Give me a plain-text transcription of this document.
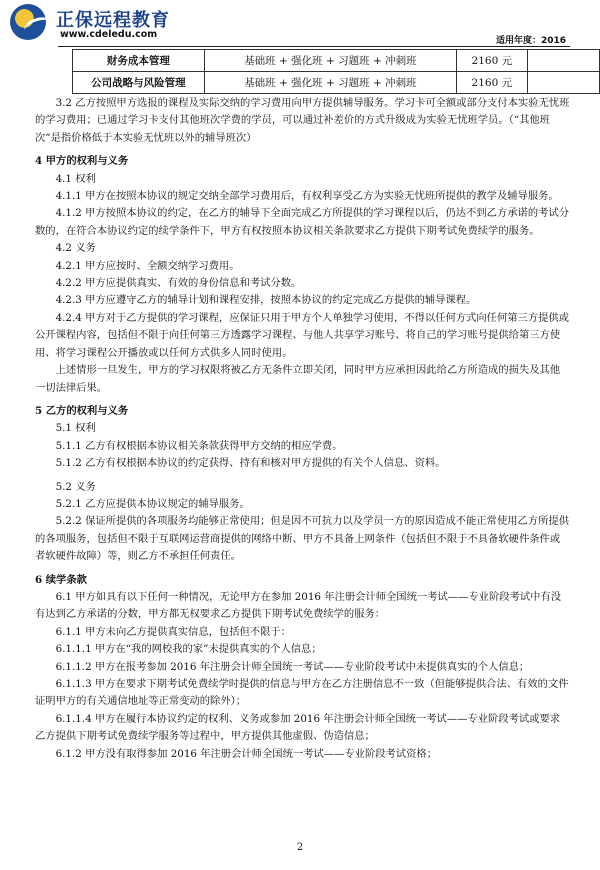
正保远程教育
www.cdeledu.com
适用年度：2016
财务成本管理	基础班 + 强化班 + 习题班 + 冲刺班	2160 元	
公司战略与风险管理	基础班 + 强化班 + 习题班 + 冲刺班	2160 元	

3.2 乙方按照甲方选报的课程及实际交纳的学习费用向甲方提供辅导服务。学习卡可全额或部分支付本实验无忧班的学习费用；已通过学习卡支付其他班次学费的学员，可以通过补差价的方式升级成为实验无忧班学员。（“其他班次”是指价格低于本实验无忧班以外的辅导班次）

4 甲方的权利与义务

4.1 权利

4.1.1 甲方在按照本协议的规定交纳全部学习费用后，有权利享受乙方为实验无忧班所提供的教学及辅导服务。

4.1.2 甲方按照本协议的约定，在乙方的辅导下全面完成乙方所提供的学习课程以后，仍达不到乙方承诺的考试分数的，在符合本协议约定的续学条件下，甲方有权按照本协议相关条款要求乙方提供下期考试免费续学的服务。

4.2 义务

4.2.1 甲方应按时、全额交纳学习费用。

4.2.2 甲方应提供真实、有效的身份信息和考试分数。

4.2.3 甲方应遵守乙方的辅导计划和课程安排，按照本协议的约定完成乙方提供的辅导课程。

4.2.4 甲方对于乙方提供的学习课程，应保证只用于甲方个人单独学习使用，不得以任何方式向任何第三方提供或公开课程内容，包括但不限于向任何第三方透露学习课程、与他人共享学习账号、将自己的学习账号提供给第三方使用、将学习课程公开播放或以任何方式供多人同时使用。

上述情形一旦发生，甲方的学习权限将被乙方无条件立即关闭，同时甲方应承担因此给乙方所造成的损失及其他一切法律后果。

5 乙方的权利与义务

5.1 权利

5.1.1 乙方有权根据本协议相关条款获得甲方交纳的相应学费。

5.1.2 乙方有权根据本协议的约定获得、持有和核对甲方提供的有关个人信息、资料。

5.2 义务

5.2.1 乙方应提供本协议规定的辅导服务。

5.2.2 保证所提供的各项服务均能够正常使用；但是因不可抗力以及学员一方的原因造成不能正常使用乙方所提供的各项服务，包括但不限于互联网运营商提供的网络中断、甲方不具备上网条件（包括但不限于不具备软硬件条件或者软硬件故障）等，则乙方不承担任何责任。

6 续学条款

6.1 甲方如具有以下任何一种情况，无论甲方在参加 2016 年注册会计师全国统一考试——专业阶段考试中有没有达到乙方承诺的分数，甲方都无权要求乙方提供下期考试免费续学的服务：

6.1.1 甲方未向乙方提供真实信息，包括但不限于：

6.1.1.1 甲方在“我的网校我的家”未提供真实的个人信息；

6.1.1.2 甲方在报考参加 2016 年注册会计师全国统一考试——专业阶段考试中未提供真实的个人信息；

6.1.1.3 甲方在要求下期考试免费续学时提供的信息与甲方在乙方注册信息不一致（但能够提供合法、有效的文件证明甲方的有关通信地址等正常变动的除外）；

6.1.1.4 甲方在履行本协议约定的权利、义务或参加 2016 年注册会计师全国统一考试——专业阶段考试或要求乙方提供下期考试免费续学服务等过程中，甲方提供其他虚假、伪造信息；

6.1.2 甲方没有取得参加 2016 年注册会计师全国统一考试——专业阶段考试资格；

2
